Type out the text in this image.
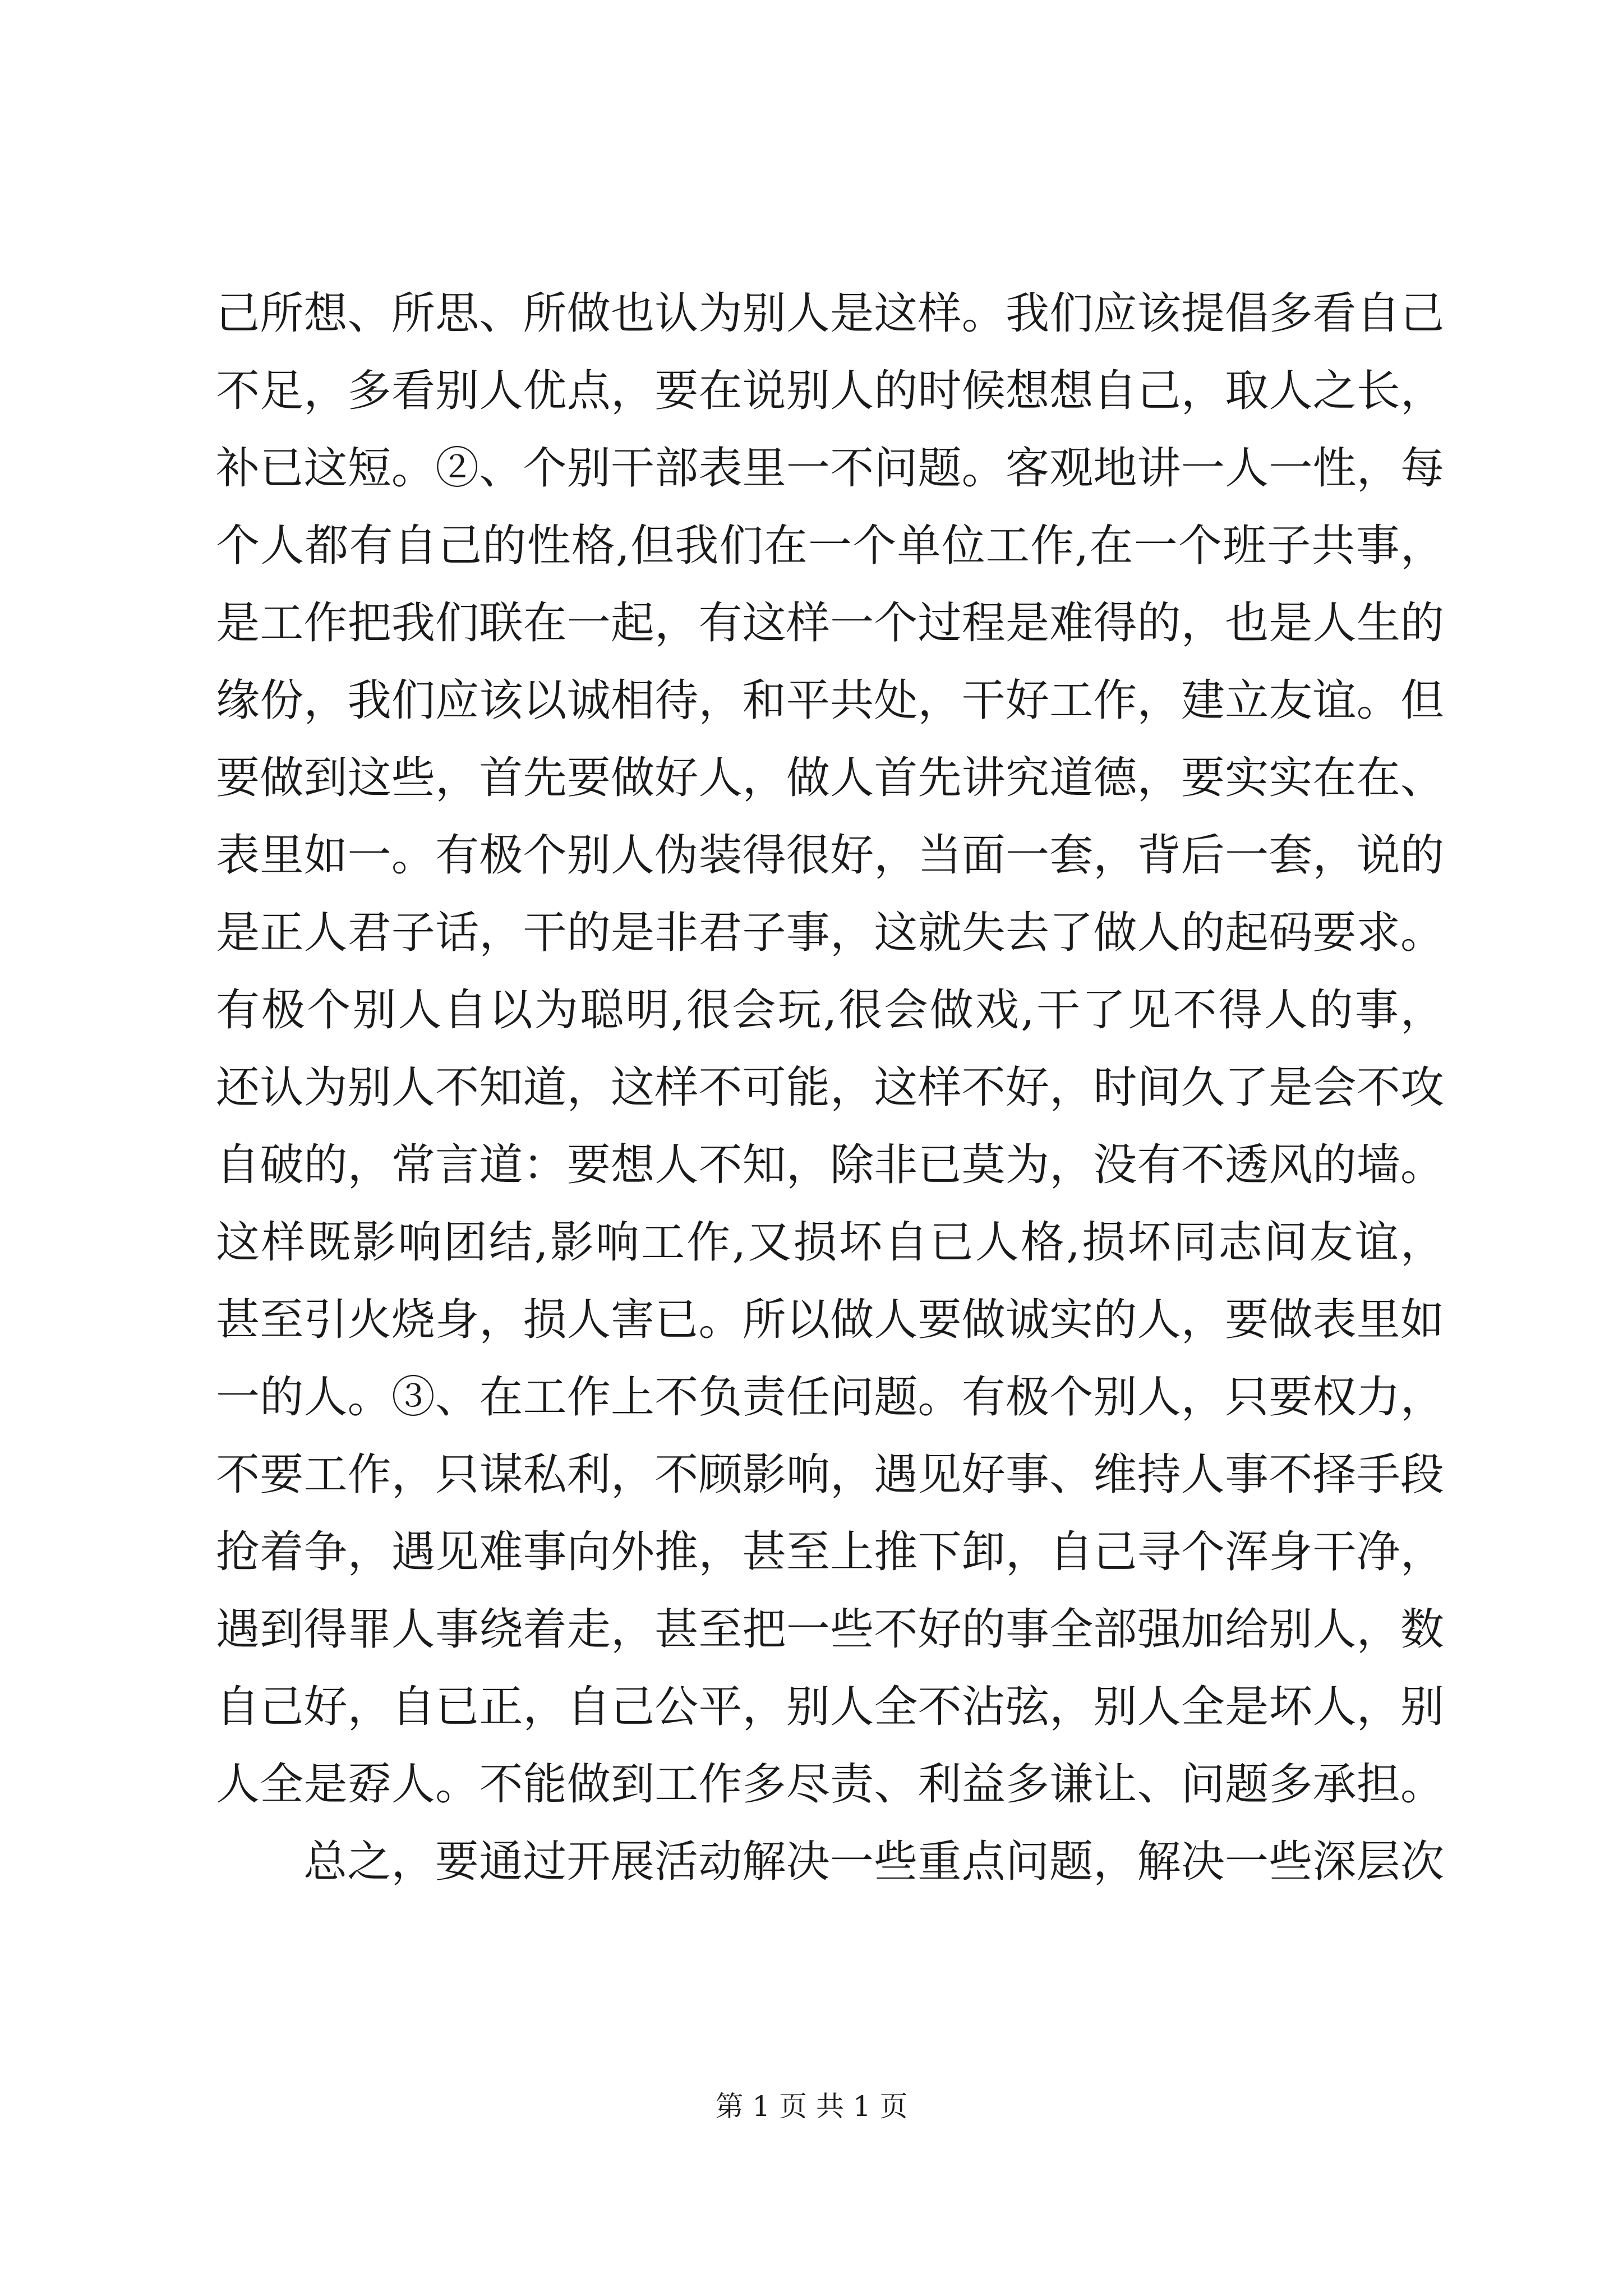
己所想、所思、所做也认为别人是这样。我们应该提倡多看自己
不足，多看别人优点，要在说别人的时候想想自己，取人之长，
补已这短。②、个别干部表里一不问题。客观地讲一人一性，每
个人都有自己的性格,但我们在一个单位工作,在一个班子共事，
是工作把我们联在一起，有这样一个过程是难得的，也是人生的
缘份，我们应该以诚相待，和平共处，干好工作，建立友谊。但
要做到这些，首先要做好人，做人首先讲究道德，要实实在在、
表里如一。有极个别人伪装得很好，当面一套，背后一套，说的
是正人君子话，干的是非君子事，这就失去了做人的起码要求。
有极个别人自以为聪明,很会玩,很会做戏,干了见不得人的事，
还认为别人不知道，这样不可能，这样不好，时间久了是会不攻
自破的，常言道：要想人不知，除非已莫为，没有不透风的墙。
这样既影响团结,影响工作,又损坏自已人格,损坏同志间友谊，
甚至引火烧身，损人害已。所以做人要做诚实的人，要做表里如
一的人。③、在工作上不负责任问题。有极个别人，只要权力，
不要工作，只谋私利，不顾影响，遇见好事、维持人事不择手段
抢着争，遇见难事向外推，甚至上推下卸，自己寻个浑身干净，
遇到得罪人事绕着走，甚至把一些不好的事全部强加给别人，数
自己好，自已正，自己公平，别人全不沾弦，别人全是坏人，别
人全是孬人。不能做到工作多尽责、利益多谦让、问题多承担。
总之，要通过开展活动解决一些重点问题，解决一些深层次
第 1 页 共 1 页
